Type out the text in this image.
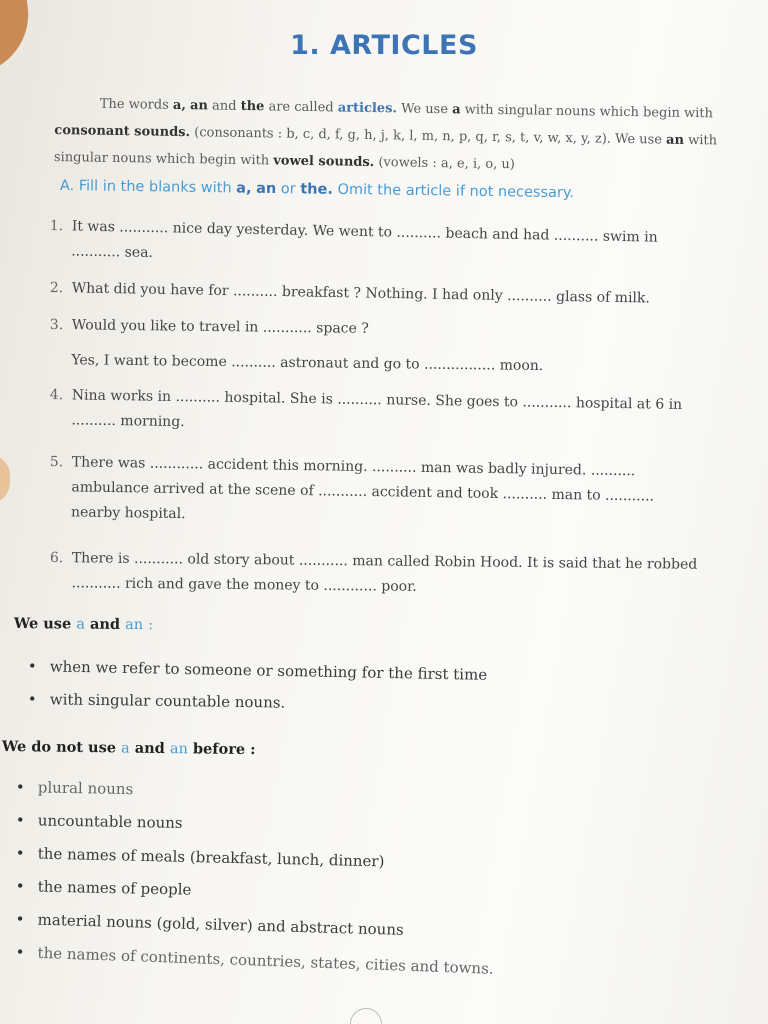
1. ARTICLES

The words a, an and the are called articles. We use a with singular nouns which begin with consonant sounds. (consonants : b, c, d, f, g, h, j, k, l, m, n, p, q, r, s, t, v, w, x, y, z). We use an with singular nouns which begin with vowel sounds. (vowels : a, e, i, o, u)

A. Fill in the blanks with a, an or the. Omit the article if not necessary.
1. It was ........... nice day yesterday. We went to .......... beach and had .......... swim in
........... sea.
2. What did you have for .......... breakfast ? Nothing. I had only .......... glass of milk.
3. Would you like to travel in ........... space ?
Yes, I want to become .......... astronaut and go to ................ moon.
4. Nina works in .......... hospital. She is .......... nurse. She goes to ........... hospital at 6 in
.......... morning.
5. There was ............ accident this morning. .......... man was badly injured. ..........
ambulance arrived at the scene of ........... accident and took .......... man to ...........
nearby hospital.
6. There is ........... old story about ........... man called Robin Hood. It is said that he robbed
........... rich and gave the money to ............ poor.
We use a and an :
• when we refer to someone or something for the first time
• with singular countable nouns.
We do not use a and an before :
• plural nouns
• uncountable nouns
• the names of meals (breakfast, lunch, dinner)
• the names of people
• material nouns (gold, silver) and abstract nouns
• the names of continents, countries, states, cities and towns.
